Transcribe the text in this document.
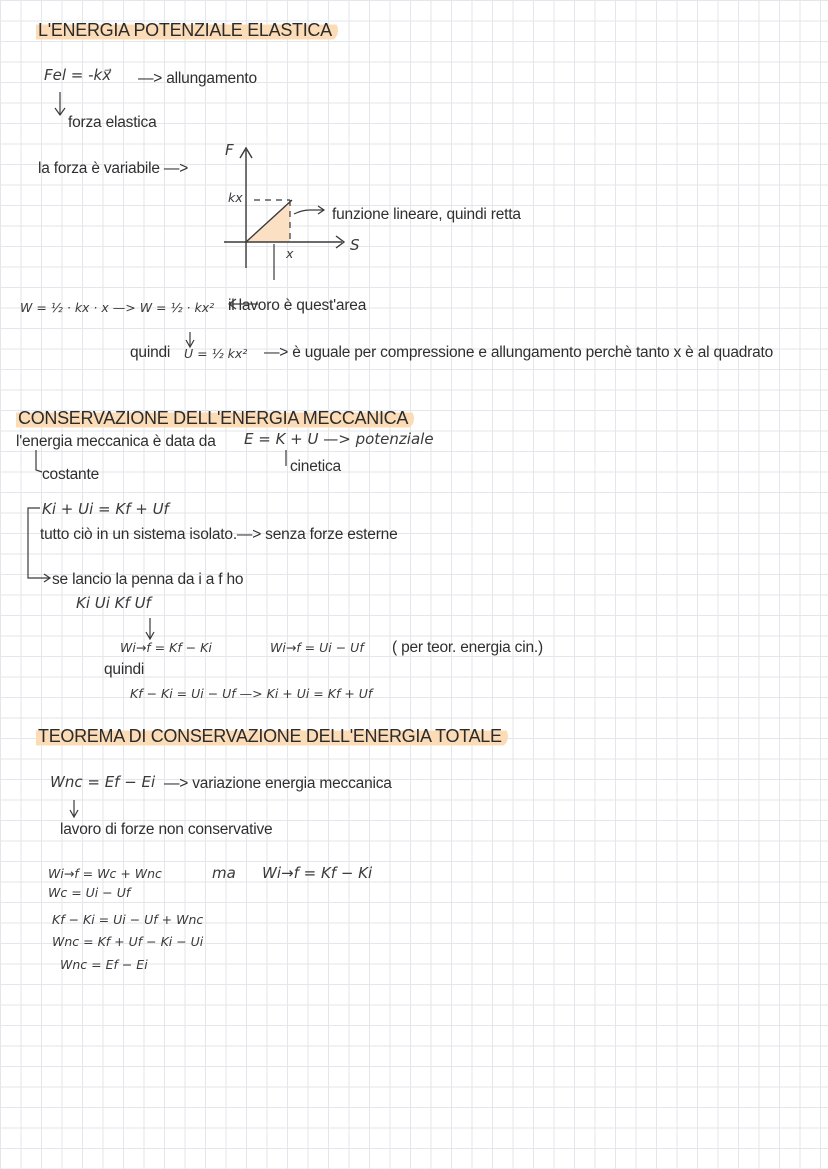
L'ENERGIA POTENZIALE ELASTICA
Fel = -kx⃗ —> allungamento
forza elastica
la forza è variabile —>
F
S
kx
x
funzione lineare, quindi retta
W = ½ · kx · x —> W = ½ · kx² il lavoro è quest'area
quindi U = ½ kx² —> è uguale per compressione e allungamento perchè tanto x è al quadrato
CONSERVAZIONE DELL'ENERGIA MECCANICA
l'energia meccanica è data da E = K + U —> potenziale
cinetica
costante
Ki + Ui = Kf + Uf
tutto ciò in un sistema isolato.—> senza forze esterne
se lancio la penna da i a f ho
Ki Ui Kf Uf
Wi→f = Kf − Ki	Wi→f = Ui − Uf ( per teor. energia cin.)
quindi
Kf − Ki = Ui − Uf —> Ki + Ui = Kf + Uf
TEOREMA DI CONSERVAZIONE DELL'ENERGIA TOTALE
Wnc = Ef − Ei —> variazione energia meccanica
lavoro di forze non conservative
Wi→f = Wc + Wnc
Wc = Ui − Uf
Kf − Ki = Ui − Uf + Wnc
Wnc = Kf + Uf − Ki − Ui
Wnc = Ef − Ei
ma Wi→f = Kf − Ki
